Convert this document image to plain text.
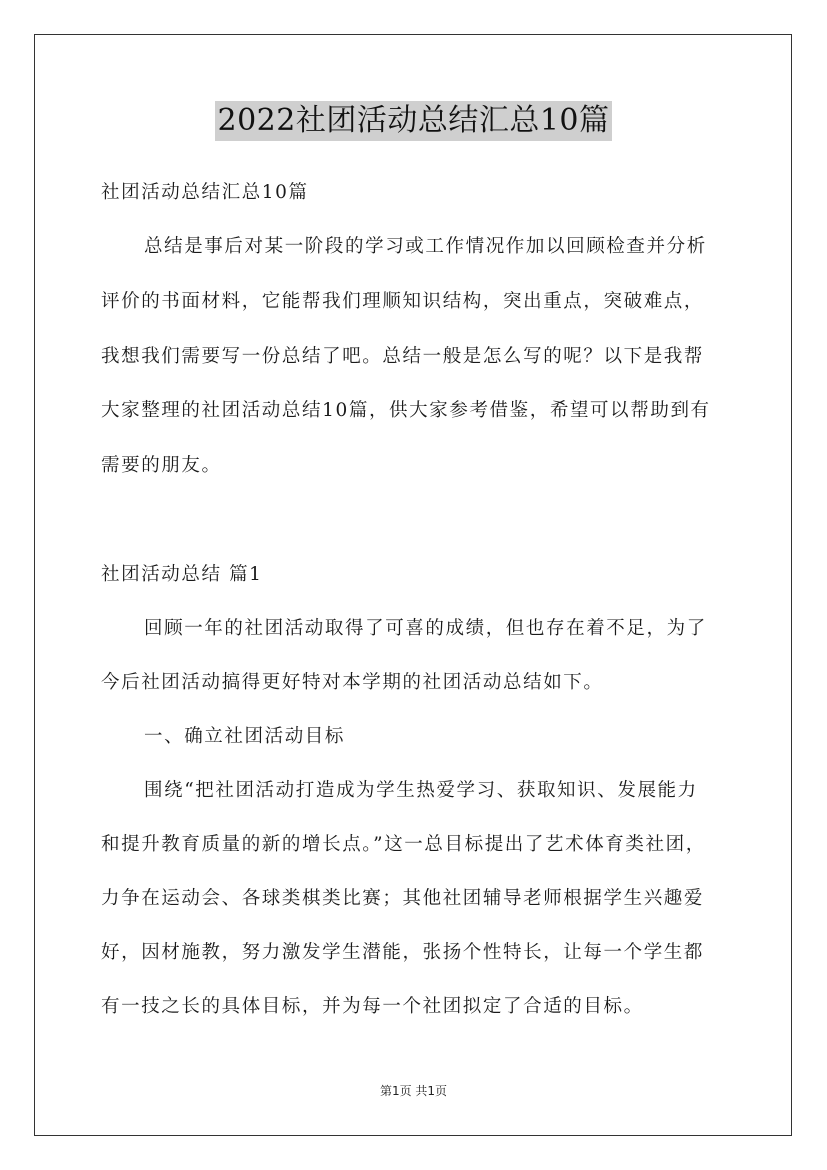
2022社团活动总结汇总10篇
社团活动总结汇总10篇
总结是事后对某一阶段的学习或工作情况作加以回顾检查并分析
评价的书面材料，它能帮我们理顺知识结构，突出重点，突破难点，
我想我们需要写一份总结了吧。总结一般是怎么写的呢？以下是我帮
大家整理的社团活动总结10篇，供大家参考借鉴，希望可以帮助到有
需要的朋友。
社团活动总结 篇1
回顾一年的社团活动取得了可喜的成绩，但也存在着不足，为了
今后社团活动搞得更好特对本学期的社团活动总结如下。
一、确立社团活动目标
围绕“把社团活动打造成为学生热爱学习、获取知识、发展能力
和提升教育质量的新的增长点。”这一总目标提出了艺术体育类社团，
力争在运动会、各球类棋类比赛；其他社团辅导老师根据学生兴趣爱
好，因材施教，努力激发学生潜能，张扬个性特长，让每一个学生都
有一技之长的具体目标，并为每一个社团拟定了合适的目标。
第1页 共1页
